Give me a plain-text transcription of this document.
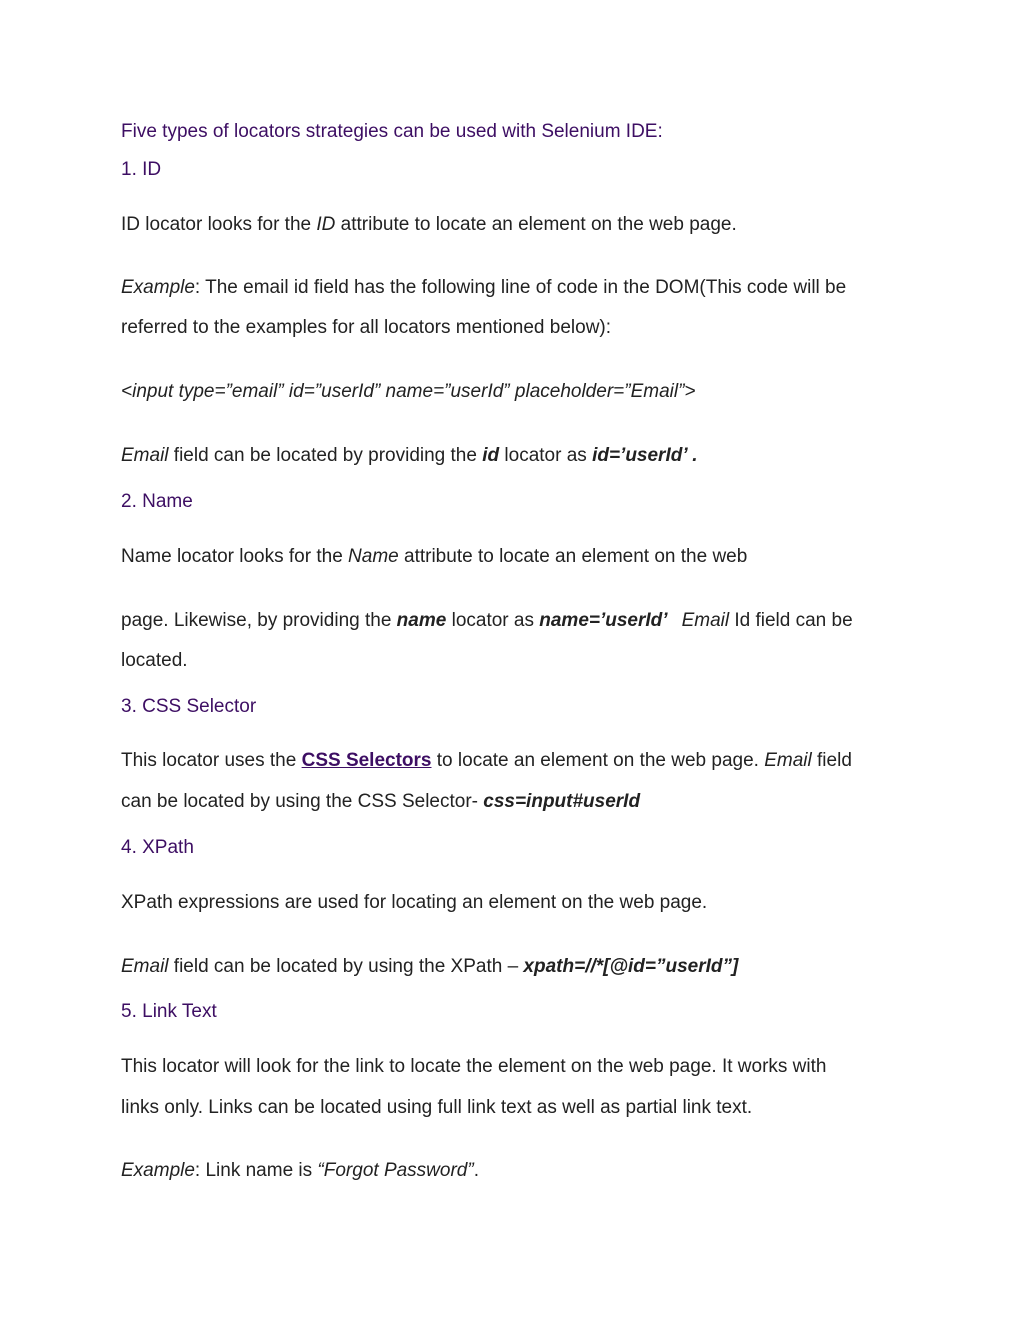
Five types of locators strategies can be used with Selenium IDE:
1. ID
ID locator looks for the ID attribute to locate an element on the web page.
Example: The email id field has the following line of code in the DOM(This code will be
referred to the examples for all locators mentioned below):
<input type=”email” id=”userId” name=”userId” placeholder=”Email”>
Email field can be located by providing the id locator as id=’userId’ .
2. Name
Name locator looks for the Name attribute to locate an element on the web
page. Likewise, by providing the name locator as name=’userId’ Email Id field can be
located.
3. CSS Selector
This locator uses the CSS Selectors to locate an element on the web page. Email field
can be located by using the CSS Selector- css=input#userId
4. XPath
XPath expressions are used for locating an element on the web page.
Email field can be located by using the XPath – xpath=//*[@id=”userId”]
5. Link Text
This locator will look for the link to locate the element on the web page. It works with
links only. Links can be located using full link text as well as partial link text.
Example: Link name is “Forgot Password”.
